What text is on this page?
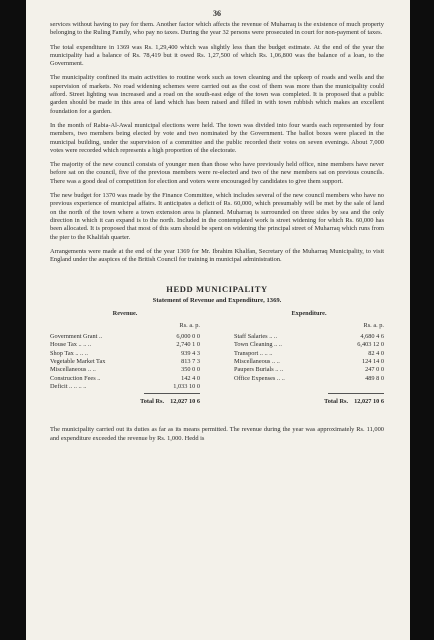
36

services without having to pay for them. Another factor which affects the revenue of Muharraq is the existence of much property belonging to the Ruling Family, who pay no taxes. During the year 32 persons were prosecuted in court for non-payment of taxes.

The total expenditure in 1369 was Rs. 1,29,400 which was slightly less than the budget estimate. At the end of the year the municipality had a balance of Rs. 78,419 but it owed Rs. 1,27,500 of which Rs. 1,06,800 was the balance of a loan, to the Government.

The municipality confined its main activities to routine work such as town cleaning and the upkeep of roads and wells and the supervision of markets. No road widening schemes were carried out as the cost of them was more than the municipality could afford. Street lighting was increased and a road on the south-east edge of the town was completed. It is proposed that a public garden should be made in this area of land which has been raised and filled in with town rubbish which makes an excellent foundation for a garden.

In the month of Rabia-Al-Awal municipal elections were held. The town was divided into four wards each represented by four members, two members being elected by vote and two nominated by the Government. The ballot boxes were placed in the municipal building, under the supervision of a committee and the public recorded their votes on seven evenings. About 7,000 votes were recorded which represents a high proportion of the electorate.

The majority of the new council consists of younger men than those who have previously held office, nine members have never before sat on the council, five of the previous members were re-elected and two of the new members sat on previous councils. There was a good deal of competition for election and voters were encouraged by candidates to give them support.

The new budget for 1370 was made by the Finance Committee, which includes several of the new council members who have no previous experience of municipal affairs. It anticipates a deficit of Rs. 60,000, which presumably will be met by the sale of land on the north of the town where a town extension area is planned. Muharraq is surrounded on three sides by sea and the only direction in which it can expand is to the north. Included in the contemplated work is street widening for which Rs. 60,000 has been allocated. It is proposed that most of this sum should be spent on widening the principal street of Muharraq which runs from the pier to the Khalifah quarter.

Arrangements were made at the end of the year 1369 for Mr. Ibrahim Khalfan, Secretary of the Muharraq Municipality, to visit England under the auspices of the British Council for training in municipal administration.

HEDD MUNICIPALITY
Statement of Revenue and Expenditure, 1369.
Revenue.
Rs. a. p.
Government Grant ..	6,000 0 0
House Tax .. .. ..	2,740 1 0
Shop Tax .. .. ..	939 4 3
Vegetable Market Tax	813 7 3
Miscellaneous .. ..	350 0 0
Construction Fees ..	142 4 0
Deficit .. .. .. ..	1,033 10 0
Total Rs. 12,027 10 6
Expenditure.
Rs. a. p.
Staff Salaries .. ..	4,680 4 6
Town Cleaning .. ..	6,403 12 0
Transport .. .. ..	82 4 0
Miscellaneous .. ..	124 14 0
Paupers Burials .. ..	247 0 0
Office Expenses .. ..	489 8 0

Total Rs. 12,027 10 6

The municipality carried out its duties as far as its means permitted. The revenue during the year was approximately Rs. 11,000 and expenditure exceeded the revenue by Rs. 1,000. Hedd is
